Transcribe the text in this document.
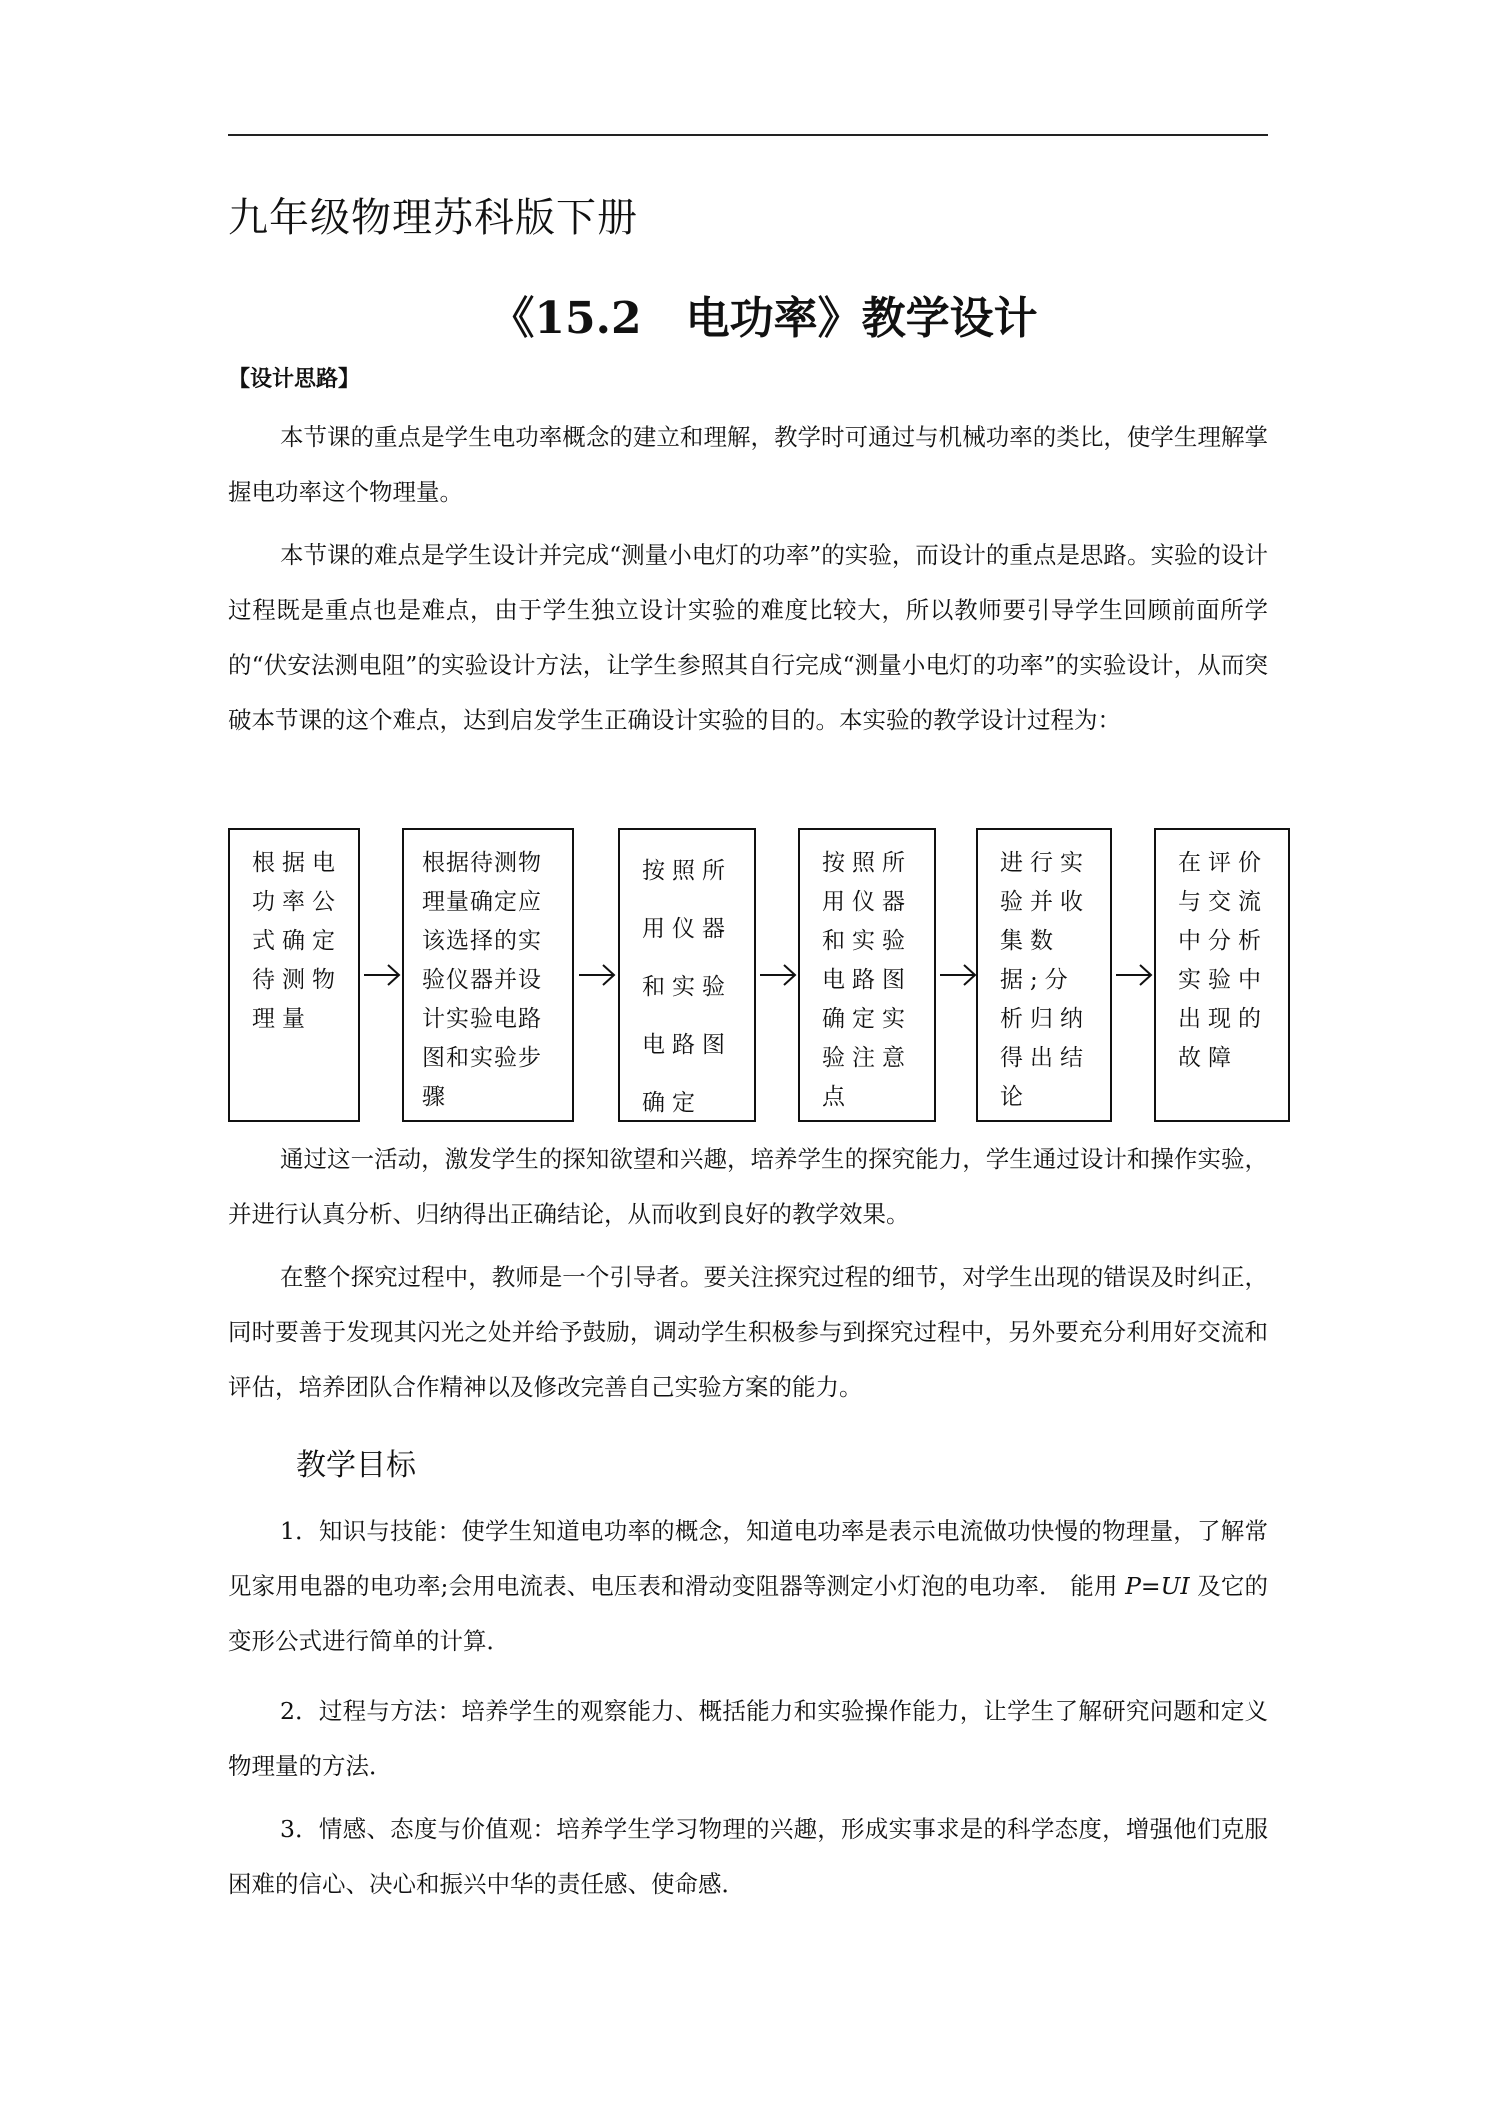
九年级物理苏科版下册
《15.2　电功率》教学设计
【设计思路】
本节课的重点是学生电功率概念的建立和理解，教学时可通过与机械功率的类比，使学生理解掌握电功率这个物理量。
本节课的难点是学生设计并完成“测量小电灯的功率”的实验，而设计的重点是思路。实验的设计过程既是重点也是难点，由于学生独立设计实验的难度比较大，所以教师要引导学生回顾前面所学的“伏安法测电阻”的实验设计方法，让学生参照其自行完成“测量小电灯的功率”的实验设计，从而突破本节课的这个难点，达到启发学生正确设计实验的目的。本实验的教学设计过程为：
根据电功率公式确定待测物理量
根据待测物理量确定应该选择的实验仪器并设计实验电路图和实验步骤
按照所用仪器和实验电路图确定
按照所用仪器和实验电路图确定实验注意点
进行实验并收集数据;分析归纳得出结论
在评价与交流中分析实验中出现的故障
通过这一活动，激发学生的探知欲望和兴趣，培养学生的探究能力，学生通过设计和操作实验，并进行认真分析、归纳得出正确结论，从而收到良好的教学效果。
在整个探究过程中，教师是一个引导者。要关注探究过程的细节，对学生出现的错误及时纠正，同时要善于发现其闪光之处并给予鼓励，调动学生积极参与到探究过程中，另外要充分利用好交流和评估，培养团队合作精神以及修改完善自己实验方案的能力。
教学目标
1．知识与技能：使学生知道电功率的概念，知道电功率是表示电流做功快慢的物理量，了解常见家用电器的电功率;会用电流表、电压表和滑动变阻器等测定小灯泡的电功率． 能用 P=UI 及它的变形公式进行简单的计算．
2．过程与方法：培养学生的观察能力、概括能力和实验操作能力，让学生了解研究问题和定义物理量的方法．
3．情感、态度与价值观：培养学生学习物理的兴趣，形成实事求是的科学态度，增强他们克服困难的信心、决心和振兴中华的责任感、使命感．
